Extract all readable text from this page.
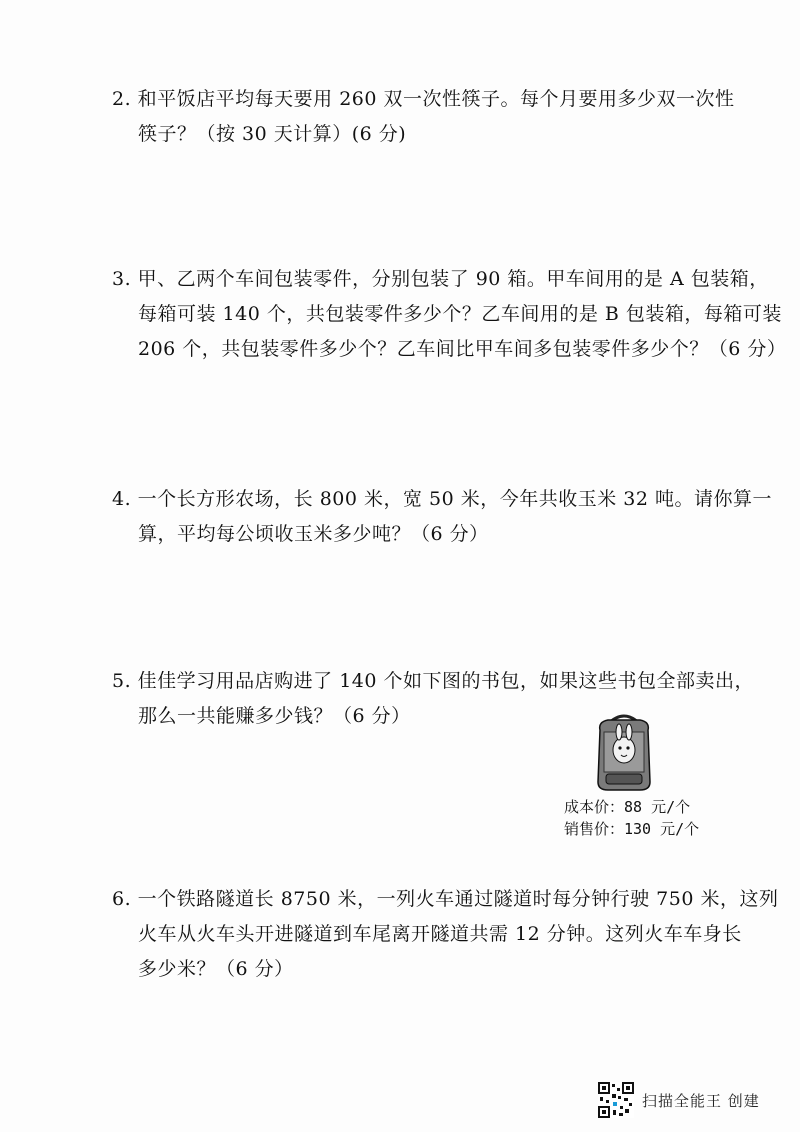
2. 和平饭店平均每天要用 260 双一次性筷子。每个月要用多少双一次性
筷子？（按 30 天计算）(6 分)
3. 甲、乙两个车间包装零件，分别包装了 90 箱。甲车间用的是 A 包装箱，
每箱可装 140 个，共包装零件多少个？乙车间用的是 B 包装箱，每箱可装
206 个，共包装零件多少个？乙车间比甲车间多包装零件多少个？（6 分）
4. 一个长方形农场，长 800 米，宽 50 米，今年共收玉米 32 吨。请你算一
算，平均每公顷收玉米多少吨？（6 分）
5. 佳佳学习用品店购进了 140 个如下图的书包，如果这些书包全部卖出，
那么一共能赚多少钱？（6 分）
成本价：88 元/个
销售价：130 元/个
6. 一个铁路隧道长 8750 米，一列火车通过隧道时每分钟行驶 750 米，这列
火车从火车头开进隧道到车尾离开隧道共需 12 分钟。这列火车车身长
多少米？（6 分）
扫描全能王 创建
